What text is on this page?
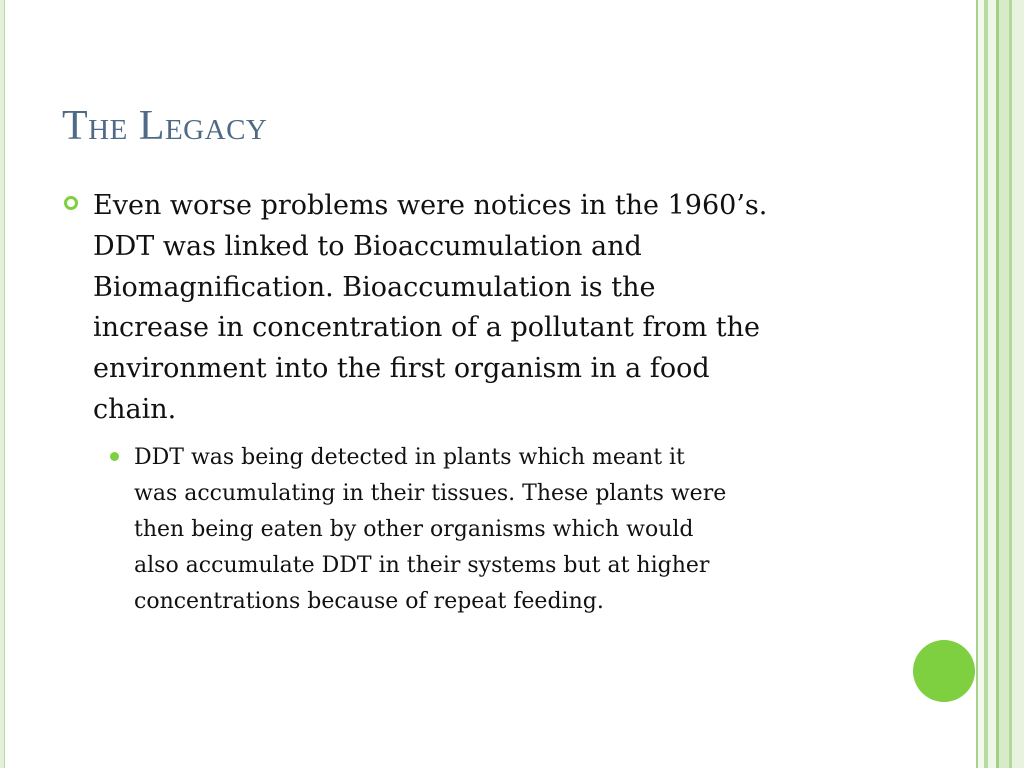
The Legacy

Even worse problems were notices in the 1960’s.
DDT was linked to Bioaccumulation and
Biomagnification. Bioaccumulation is the
increase in concentration of a pollutant from the
environment into the first organism in a food
chain.

DDT was being detected in plants which meant it
was accumulating in their tissues. These plants were
then being eaten by other organisms which would
also accumulate DDT in their systems but at higher
concentrations because of repeat feeding.
